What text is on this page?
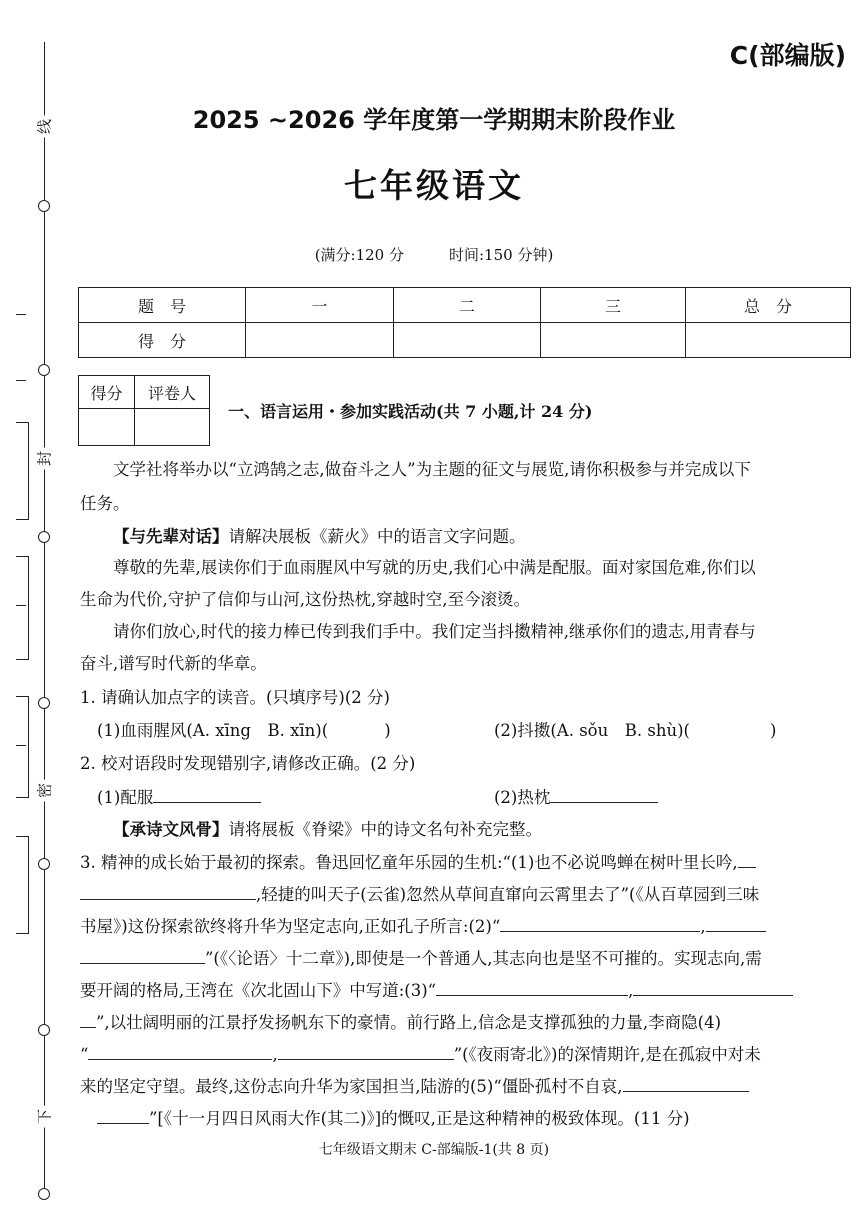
线
封
密
下
C(部编版)
2025 ~2026 学年度第一学期期末阶段作业
七年级语文
(满分:120 分　　　时间:150 分钟)
题　号	一	二	三	总　分
得　分				
得分	评卷人

一、语言运用・参加实践活动(共 7 小题,计 24 分)
文学社将举办以“立鸿鹄之志,做奋斗之人”为主题的征文与展览,请你积极参与并完成以下
任务。
【与先辈对话】请解决展板《薪火》中的语言文字问题。
尊敬的先辈,展读你们于血雨腥风中写就的历史,我们心中满是配服。面对家国危难,你们以
生命为代价,守护了信仰与山河,这份热枕,穿越时空,至今滚烫。
请你们放心,时代的接力棒已传到我们手中。我们定当抖擞精神,继承你们的遗志,用青春与
奋斗,谱写时代新的华章。
1. 请确认加点字的读音。(只填序号)(2 分)
(1)血雨腥风(A. xīng　B. xīn)(	)	(2)抖擞(A. sǒu　B. shù)(	)
2. 校对语段时发现错别字,请修改正确。(2 分)
(1)配服	(2)热枕
【承诗文风骨】请将展板《脊梁》中的诗文名句补充完整。
3. 精神的成长始于最初的探索。鲁迅回忆童年乐园的生机:“(1)也不必说鸣蝉在树叶里长吟,
,轻捷的叫天子(云雀)忽然从草间直窜向云霄里去了”(《从百草园到三味
书屋》)这份探索欲终将升华为坚定志向,正如孔子所言:(2)“	,
”(《〈论语〉十二章》),即使是一个普通人,其志向也是坚不可摧的。实现志向,需
要开阔的格局,王湾在《次北固山下》中写道:(3)“	,
”,以壮阔明丽的江景抒发扬帆东下的豪情。前行路上,信念是支撑孤独的力量,李商隐(4)
“	,	”(《夜雨寄北》)的深情期许,是在孤寂中对未
来的坚定守望。最终,这份志向升华为家国担当,陆游的(5)“僵卧孤村不自哀,
”[《十一月四日风雨大作(其二)》]的慨叹,正是这种精神的极致体现。(11 分)
七年级语文期末 C-部编版-1(共 8 页)
